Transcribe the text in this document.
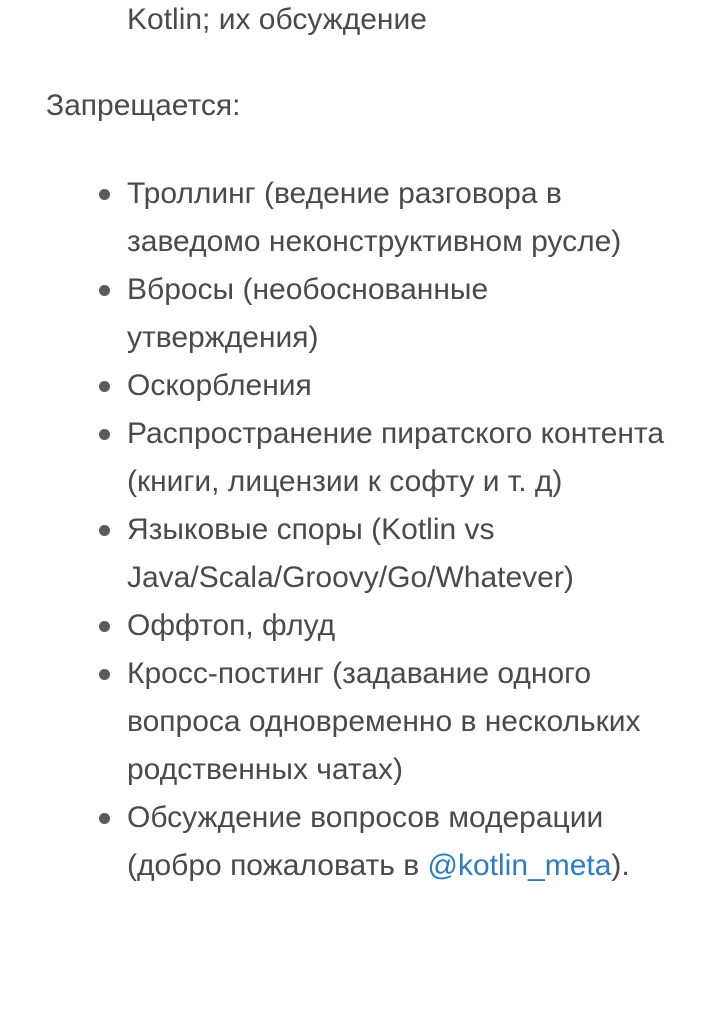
Kotlin; их обсуждение
Запрещается:
Троллинг (ведение разговора в заведомо неконструктивном русле)
Вбросы (необоснованные утверждения)
Оскорбления
Распространение пиратского контента (книги, лицензии к софту и т. д)
Языковые споры (Kotlin vs Java/Scala/Groovy/Go/Whatever)
Оффтоп, флуд
Кросс-постинг (задавание одного вопроса одновременно в нескольких родственных чатах)
Обсуждение вопросов модерации (добро пожаловать в @kotlin_meta).
